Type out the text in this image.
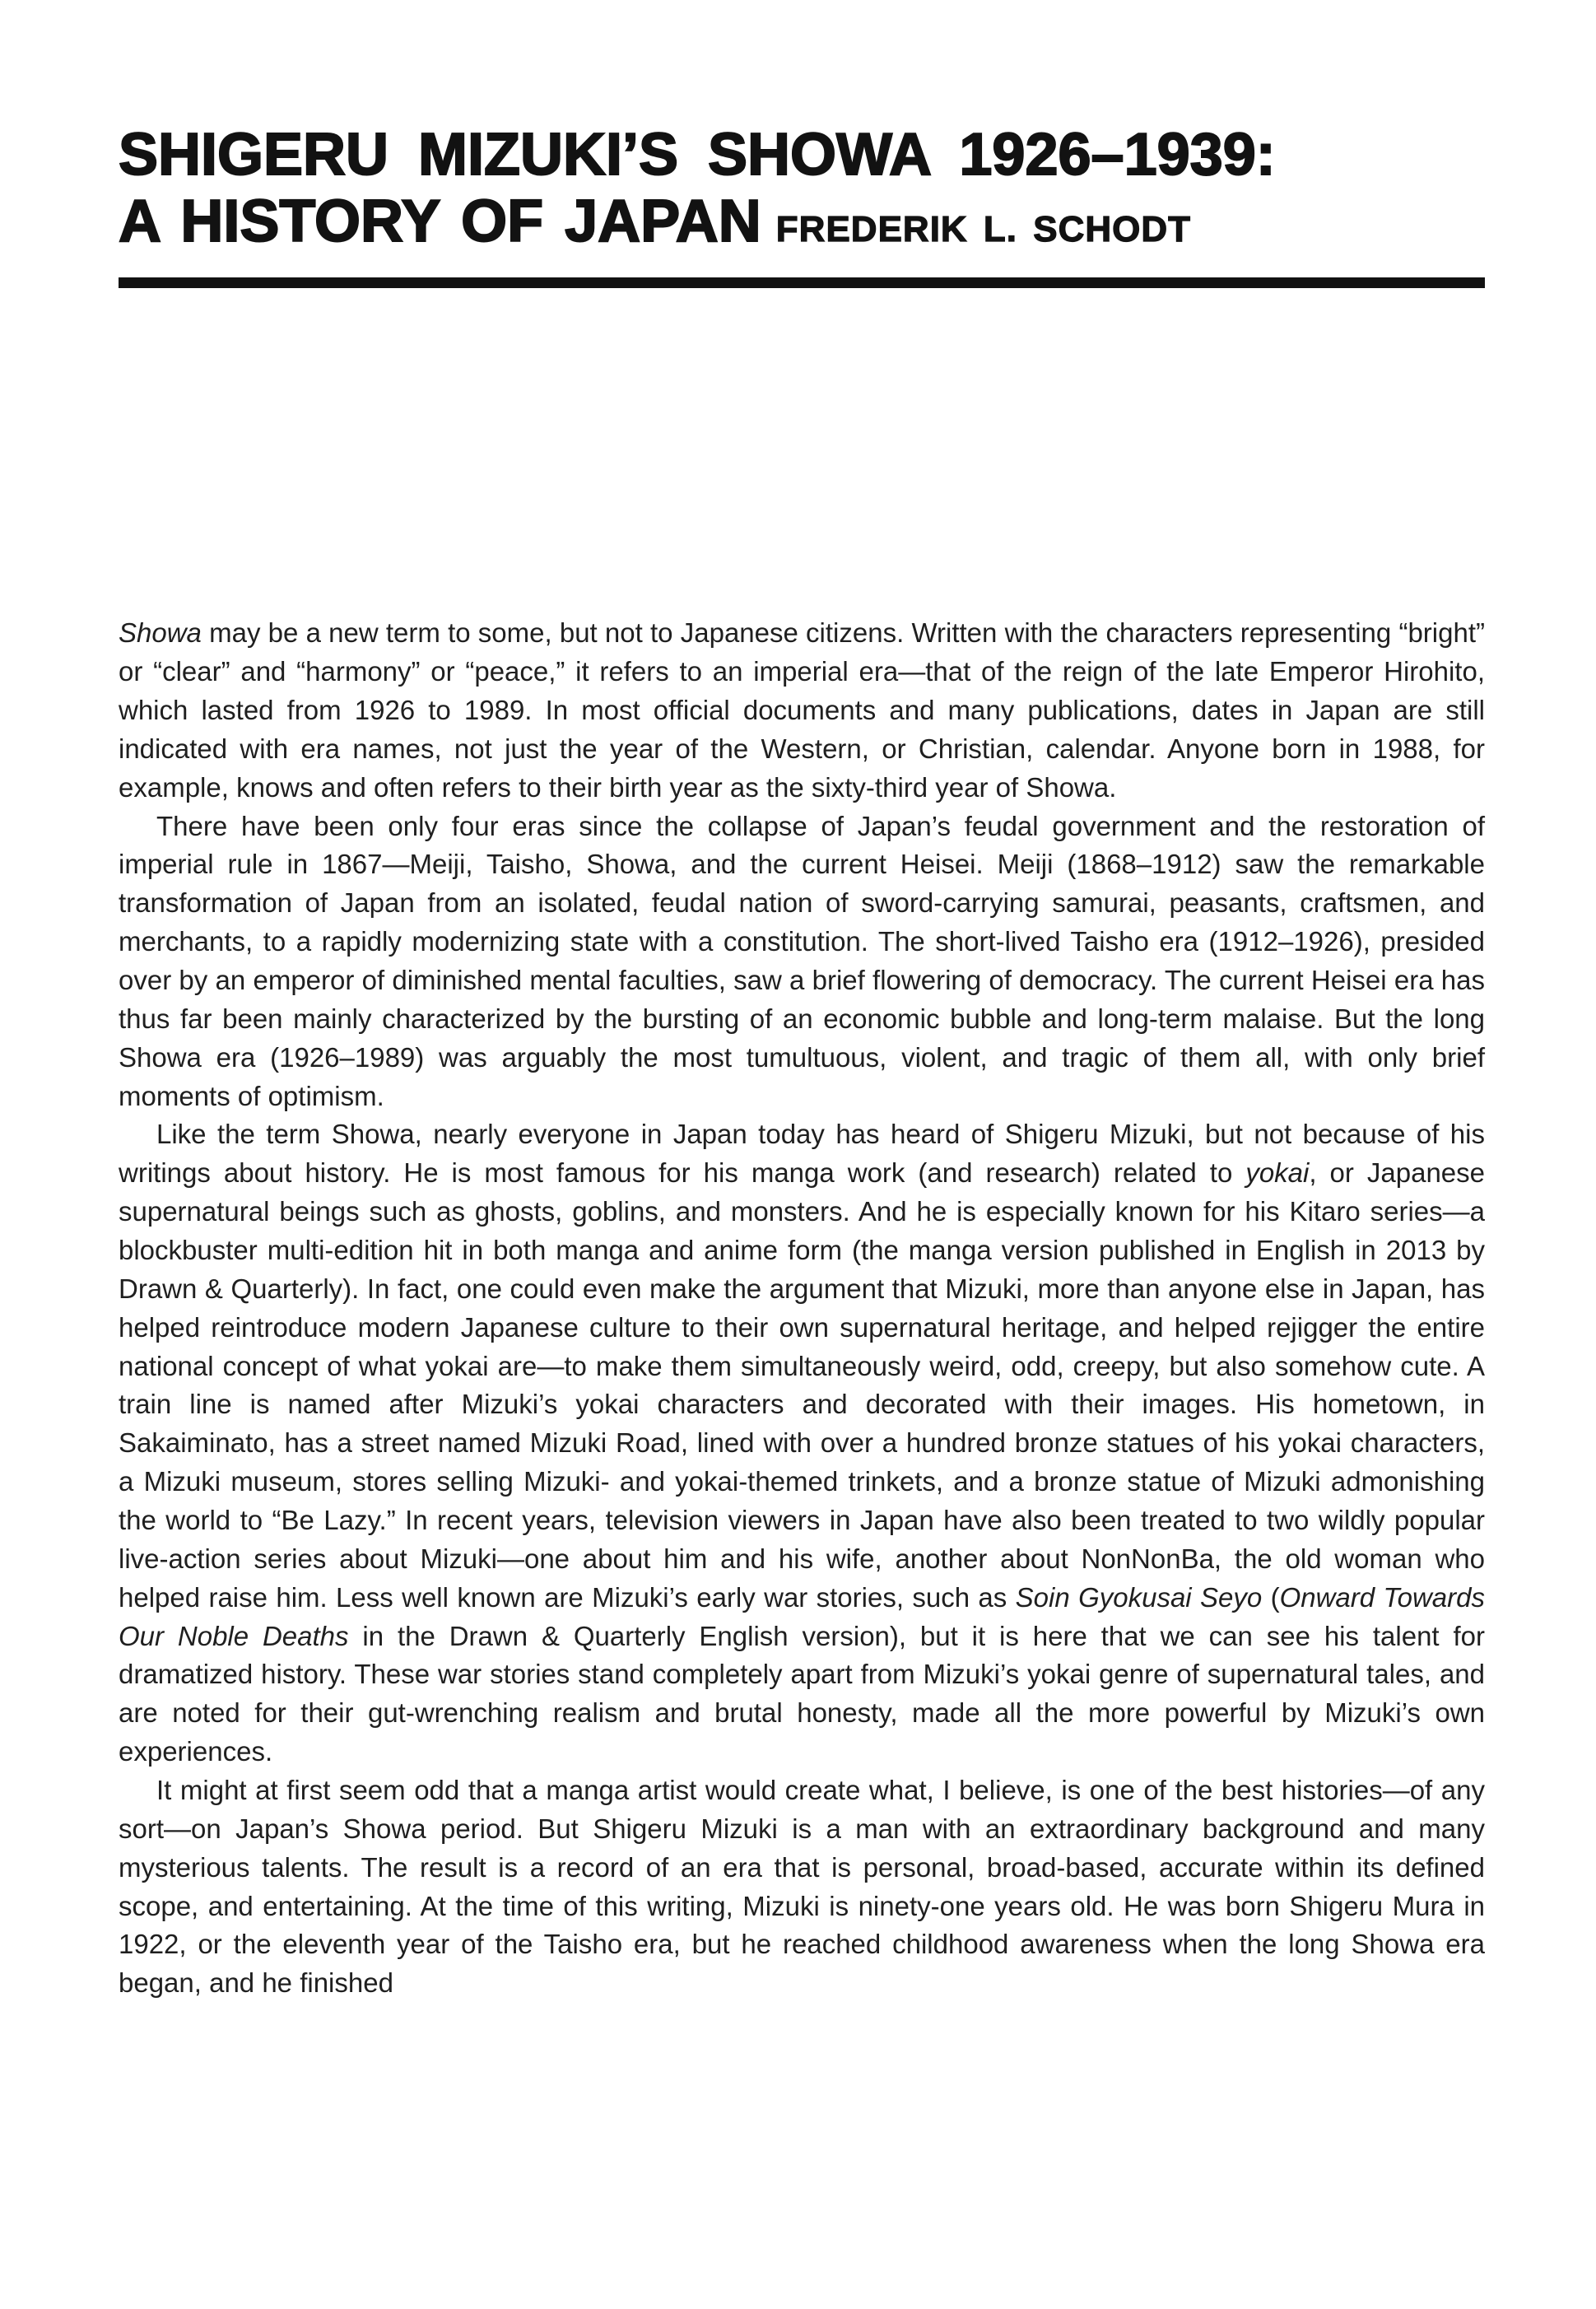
SHIGERU MIZUKI’S SHOWA 1926–1939:
A HISTORY OF JAPAN FREDERIK L. SCHODT

Showa may be a new term to some, but not to Japanese citizens. Written with the characters representing “bright” or “clear” and “harmony” or “peace,” it refers to an imperial era—that of the reign of the late Emperor Hirohito, which lasted from 1926 to 1989. In most official documents and many publications, dates in Japan are still indicated with era names, not just the year of the Western, or Christian, calendar. Anyone born in 1988, for example, knows and often refers to their birth year as the sixty-third year of Showa.

There have been only four eras since the collapse of Japan’s feudal government and the restoration of imperial rule in 1867—Meiji, Taisho, Showa, and the current Heisei. Meiji (1868–1912) saw the remarkable transformation of Japan from an isolated, feudal nation of sword-carrying samurai, peasants, craftsmen, and merchants, to a rapidly modernizing state with a constitution. The short-lived Taisho era (1912–1926), presided over by an emperor of diminished mental faculties, saw a brief flowering of democracy. The current Heisei era has thus far been mainly characterized by the bursting of an economic bubble and long-term malaise. But the long Showa era (1926–1989) was arguably the most tumultuous, violent, and tragic of them all, with only brief moments of optimism.

Like the term Showa, nearly everyone in Japan today has heard of Shigeru Mizuki, but not because of his writings about history. He is most famous for his manga work (and research) related to yokai, or Japanese supernatural beings such as ghosts, goblins, and monsters. And he is especially known for his Kitaro series—a blockbuster multi-edition hit in both manga and anime form (the manga version published in English in 2013 by Drawn & Quarterly). In fact, one could even make the argument that Mizuki, more than anyone else in Japan, has helped reintroduce modern Japanese culture to their own supernatural heritage, and helped rejigger the entire national concept of what yokai are—to make them simultaneously weird, odd, creepy, but also somehow cute. A train line is named after Mizuki’s yokai characters and decorated with their images. His hometown, in Sakaiminato, has a street named Mizuki Road, lined with over a hundred bronze statues of his yokai characters, a Mizuki museum, stores selling Mizuki- and yokai-themed trinkets, and a bronze statue of Mizuki admonishing the world to “Be Lazy.” In recent years, television viewers in Japan have also been treated to two wildly popular live-action series about Mizuki—one about him and his wife, another about NonNonBa, the old woman who helped raise him. Less well known are Mizuki’s early war stories, such as Soin Gyokusai Seyo (Onward Towards Our Noble Deaths in the Drawn & Quarterly English version), but it is here that we can see his talent for dramatized history. These war stories stand completely apart from Mizuki’s yokai genre of supernatural tales, and are noted for their gut-wrenching realism and brutal honesty, made all the more powerful by Mizuki’s own experiences.

It might at first seem odd that a manga artist would create what, I believe, is one of the best histories—of any sort—on Japan’s Showa period. But Shigeru Mizuki is a man with an extraordinary background and many mysterious talents. The result is a record of an era that is personal, broad-based, accurate within its defined scope, and entertaining. At the time of this writing, Mizuki is ninety-one years old. He was born Shigeru Mura in 1922, or the eleventh year of the Taisho era, but he reached childhood awareness when the long Showa era began, and he finished
